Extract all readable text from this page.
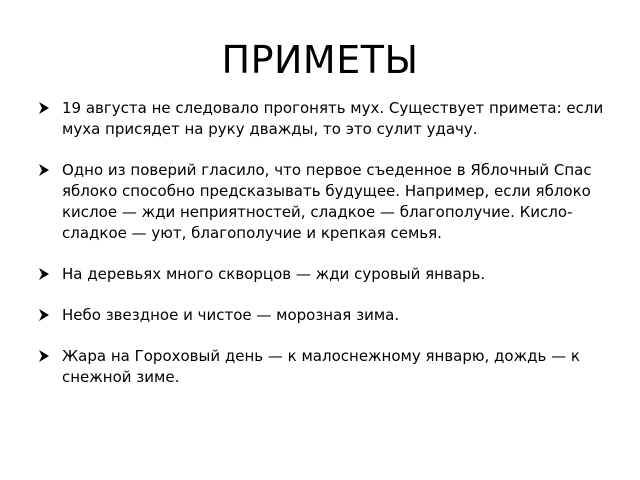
ПРИМЕТЫ
19 августа не следовало прогонять мух. Существует примета: если муха присядет на руку дважды, то это сулит удачу.
Одно из поверий гласило, что первое съеденное в Яблочный Спас яблоко способно предсказывать будущее. Например, если яблоко кислое — жди неприятностей, сладкое — благополучие. Кисло-сладкое — уют, благополучие и крепкая семья.
На деревьях много скворцов — жди суровый январь.
Небо звездное и чистое — морозная зима.
Жара на Гороховый день — к малоснежному январю, дождь — к снежной зиме.
